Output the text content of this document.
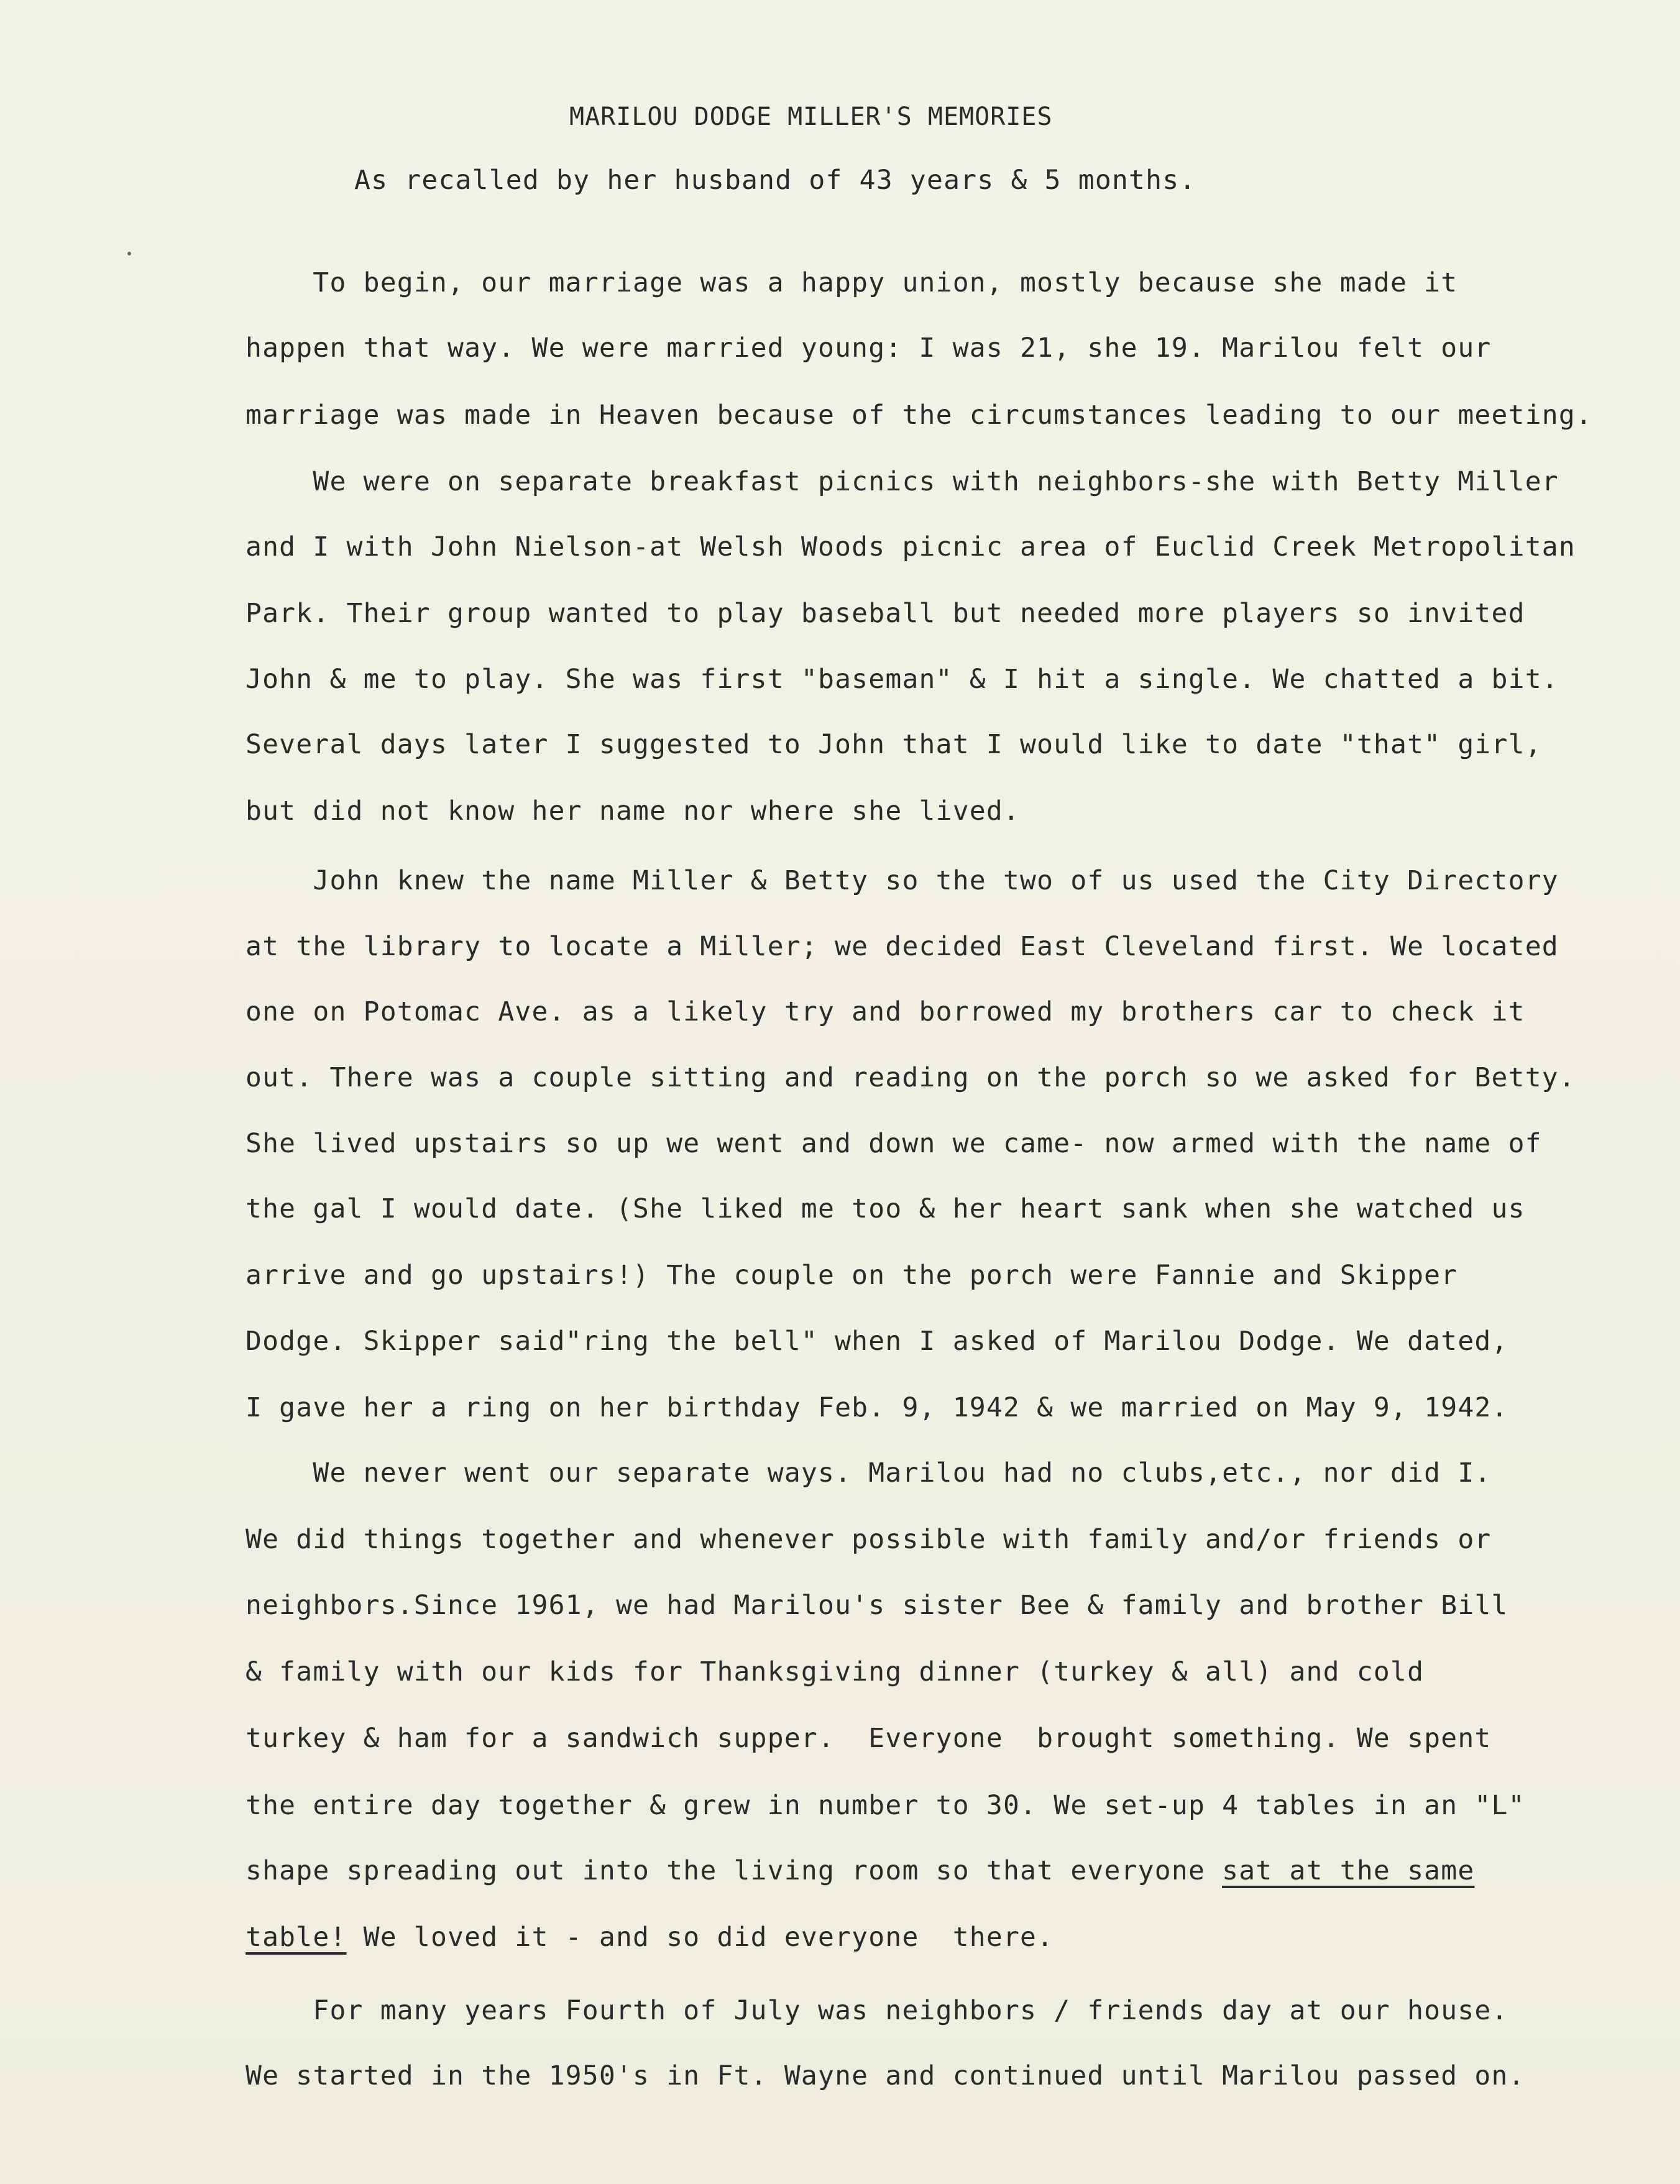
MARILOU DODGE MILLER'S MEMORIES
As recalled by her husband of 43 years & 5 months.
To begin, our marriage was a happy union, mostly because she made it
happen that way. We were married young: I was 21, she 19. Marilou felt our
marriage was made in Heaven because of the circumstances leading to our meeting.
We were on separate breakfast picnics with neighbors-she with Betty Miller
and I with John Nielson-at Welsh Woods picnic area of Euclid Creek Metropolitan
Park. Their group wanted to play baseball but needed more players so invited
John & me to play. She was first "baseman" & I hit a single. We chatted a bit.
Several days later I suggested to John that I would like to date "that" girl,
but did not know her name nor where she lived.
John knew the name Miller & Betty so the two of us used the City Directory
at the library to locate a Miller; we decided East Cleveland first. We located
one on Potomac Ave. as a likely try and borrowed my brothers car to check it
out. There was a couple sitting and reading on the porch so we asked for Betty.
She lived upstairs so up we went and down we came- now armed with the name of
the gal I would date. (She liked me too & her heart sank when she watched us
arrive and go upstairs!) The couple on the porch were Fannie and Skipper
Dodge. Skipper said"ring the bell" when I asked of Marilou Dodge. We dated,
I gave her a ring on her birthday Feb. 9, 1942 & we married on May 9, 1942.
We never went our separate ways. Marilou had no clubs,etc., nor did I.
We did things together and whenever possible with family and/or friends or
neighbors.Since 1961, we had Marilou's sister Bee & family and brother Bill
& family with our kids for Thanksgiving dinner (turkey & all) and cold
turkey & ham for a sandwich supper.  Everyone  brought something. We spent
the entire day together & grew in number to 30. We set-up 4 tables in an "L"
shape spreading out into the living room so that everyone sat at the same
table! We loved it - and so did everyone  there.
For many years Fourth of July was neighbors / friends day at our house.
We started in the 1950's in Ft. Wayne and continued until Marilou passed on.
